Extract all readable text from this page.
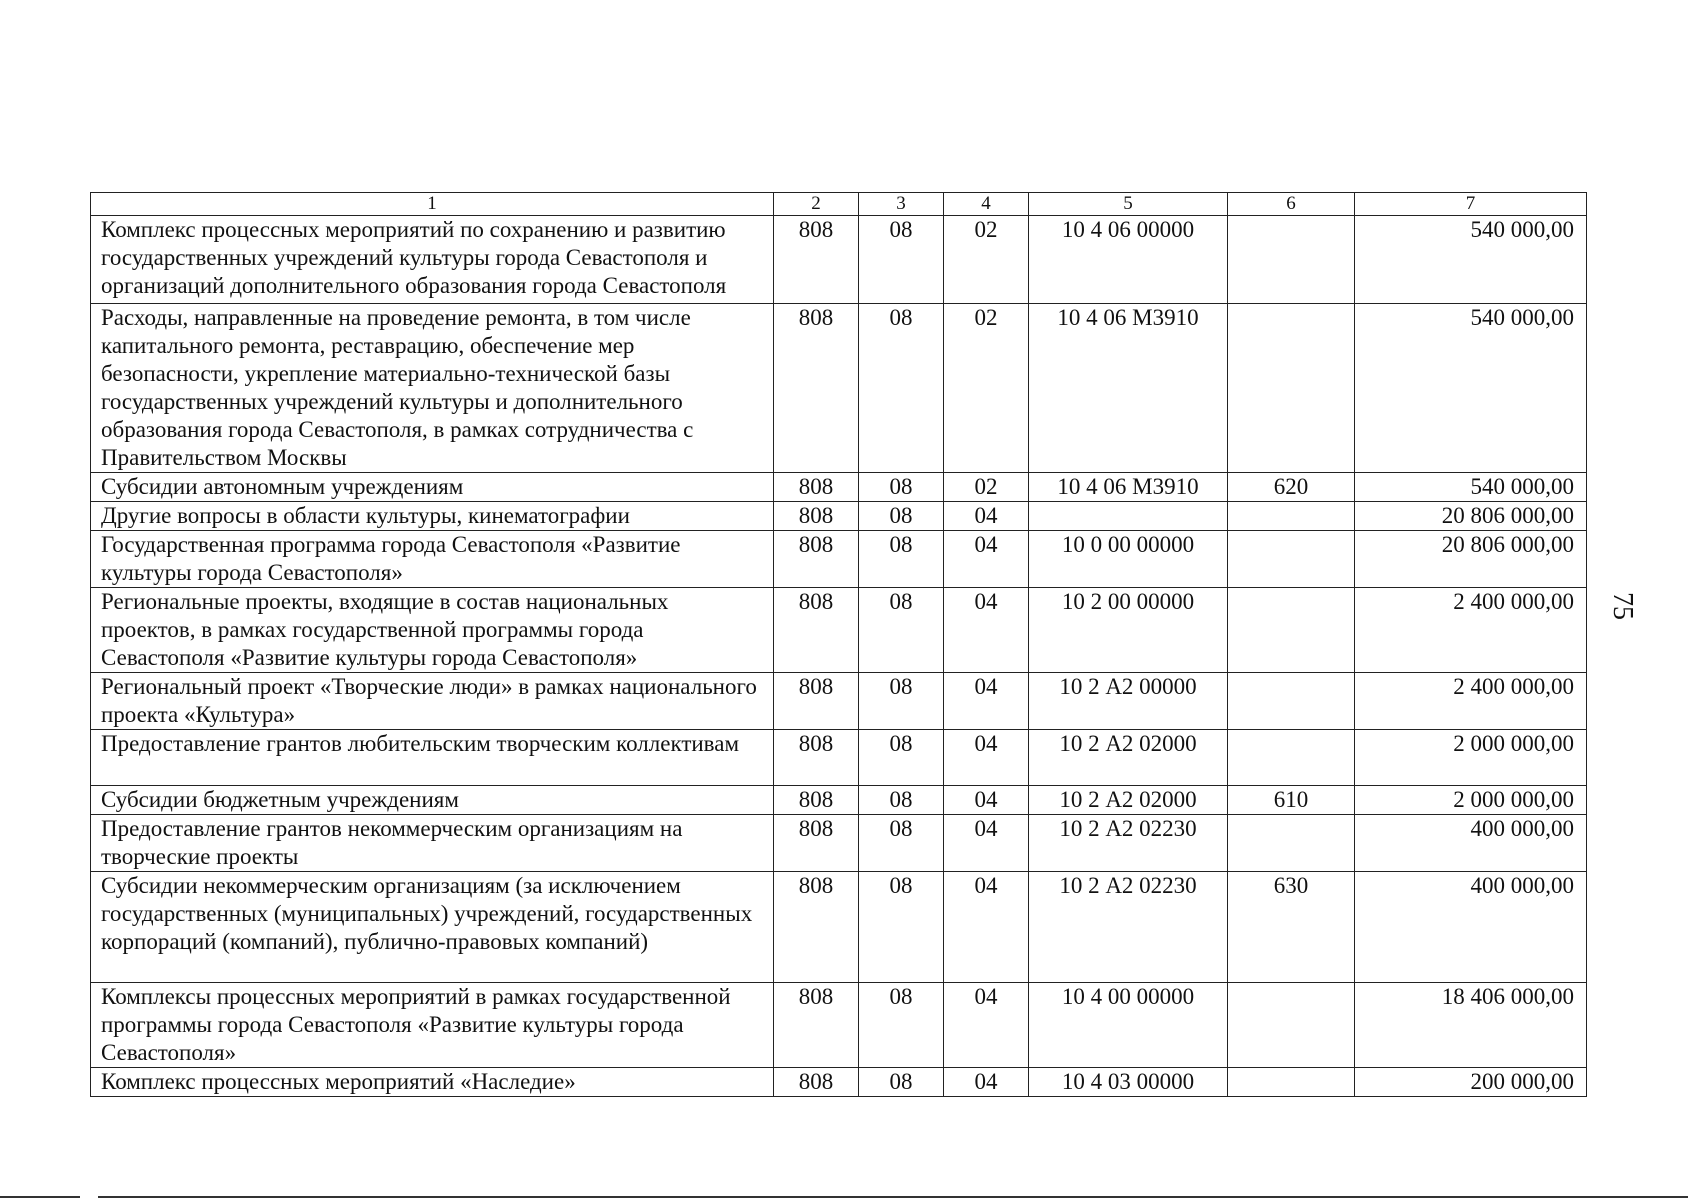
1	2	3	4	5	6	7
Комплекс процессных мероприятий по сохранению и развитию государственных учреждений культуры города Севастополя и организаций дополнительного образования города Севастополя	808	08	02	10 4 06 00000		540 000,00
Расходы, направленные на проведение ремонта, в том числе капитального ремонта, реставрацию, обеспечение мер безопасности, укрепление материально-технической базы государственных учреждений культуры и дополнительного образования города Севастополя, в рамках сотрудничества с Правительством Москвы	808	08	02	10 4 06 М3910		540 000,00
Субсидии автономным учреждениям	808	08	02	10 4 06 М3910	620	540 000,00
Другие вопросы в области культуры, кинематографии	808	08	04			20 806 000,00
Государственная программа города Севастополя «Развитие культуры города Севастополя»	808	08	04	10 0 00 00000		20 806 000,00
Региональные проекты, входящие в состав национальных проектов, в рамках государственной программы города Севастополя «Развитие культуры города Севастополя»	808	08	04	10 2 00 00000		2 400 000,00
Региональный проект «Творческие люди» в рамках национального проекта «Культура»	808	08	04	10 2 А2 00000		2 400 000,00
Предоставление грантов любительским творческим коллективам	808	08	04	10 2 А2 02000		2 000 000,00
Субсидии бюджетным учреждениям	808	08	04	10 2 А2 02000	610	2 000 000,00
Предоставление грантов некоммерческим организациям на творческие проекты	808	08	04	10 2 А2 02230		400 000,00
Субсидии некоммерческим организациям (за исключением государственных (муниципальных) учреждений, государственных корпораций (компаний), публично-правовых компаний)	808	08	04	10 2 А2 02230	630	400 000,00
Комплексы процессных мероприятий в рамках государственной программы города Севастополя «Развитие культуры города Севастополя»	808	08	04	10 4 00 00000		18 406 000,00
Комплекс процессных мероприятий «Наследие»	808	08	04	10 4 03 00000		200 000,00
75
